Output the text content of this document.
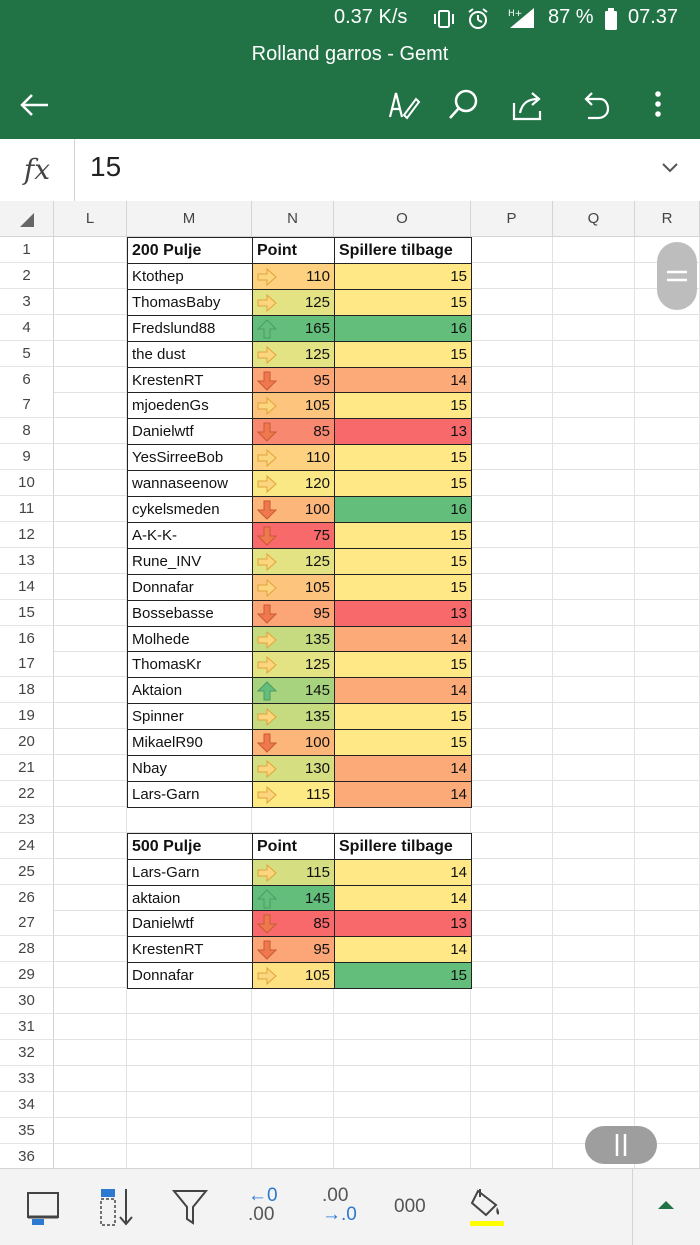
0.37 K/s	H+ 87 % 07.37
Rolland garros - Gemt
fx	15
L	M	N	O	P	Q	R
1
2
3
4
5
6
7
8
9
10
11
12
13
14
15
16
17
18
19
20
21
22
23
24
25
26
27
28
29
30
31
32
33
34
35
36
200 Pulje	Point	Spillere tilbage
Ktothep	110	15
ThomasBaby	125	15
Fredslund88	165	16
the dust	125	15
KrestenRT	95	14
mjoedenGs	105	15
Danielwtf	85	13
YesSirreeBob	110	15
wannaseenow	120	15
cykelsmeden	100	16
A-K-K-	75	15
Rune_INV	125	15
Donnafar	105	15
Bossebasse	95	13
Molhede	135	14
ThomasKr	125	15
Aktaion	145	14
Spinner	135	15
MikaelR90	100	15
Nbay	130	14
Lars-Garn	115	14
500 Pulje	Point	Spillere tilbage
Lars-Garn	115	14
aktaion	145	14
Danielwtf	85	13
KrestenRT	95	14
Donnafar	105	15
←0
.00
.00
→.0 000
